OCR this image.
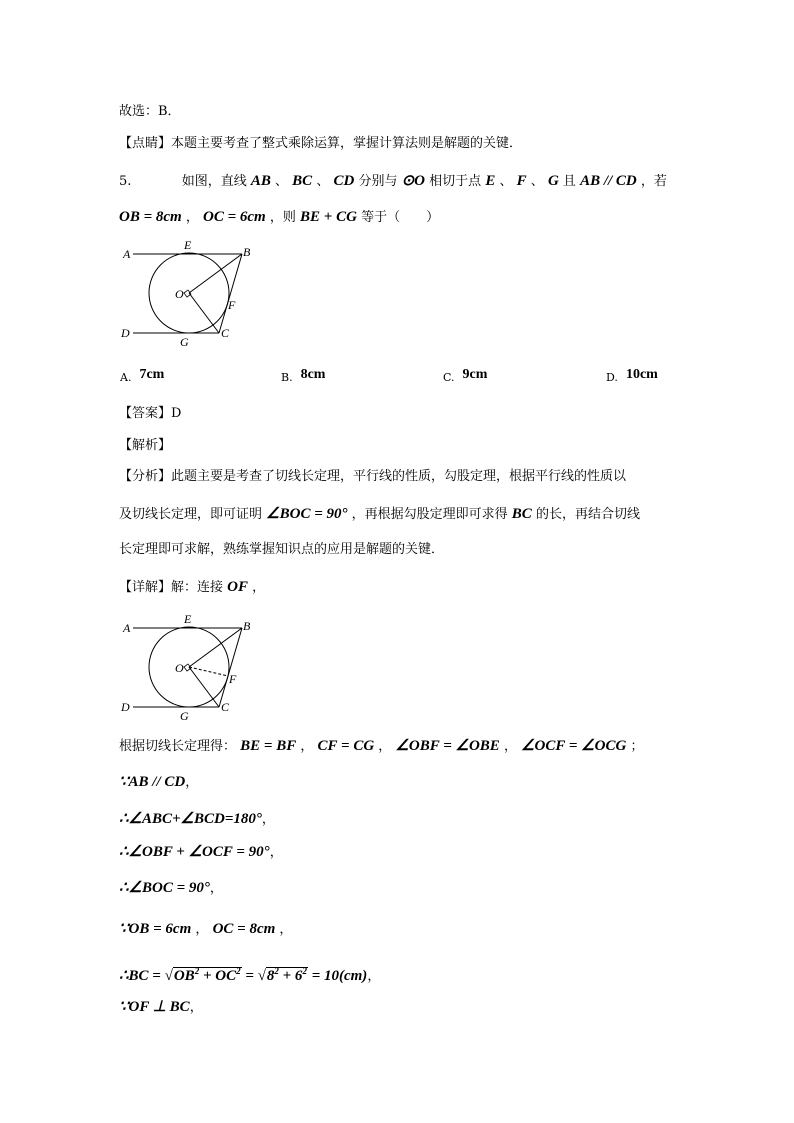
故选：B．
【点睛】本题主要考查了整式乘除运算，掌握计算法则是解题的关键．
5.	如图，直线 AB 、 BC 、 CD 分别与 ⊙O 相切于点 E 、 F 、 G 且 AB // CD ，若
OB = 8cm ， OC = 6cm ，则 BE + CG 等于（　　）
A	B
C
D
E
F
G
O
A. 7cm	B. 8cm	C. 9cm	D. 10cm
【答案】D
【解析】
【分析】此题主要是考查了切线长定理，平行线的性质，勾股定理，根据平行线的性质以
及切线长定理，即可证明 ∠BOC = 90° ，再根据勾股定理即可求得 BC 的长，再结合切线
长定理即可求解，熟练掌握知识点的应用是解题的关键．
【详解】解：连接 OF ，
A	B
C
D
E
F
G
O
根据切线长定理得： BE = BF ， CF = CG ， ∠OBF = ∠OBE ， ∠OCF = ∠OCG ；
∵AB // CD，
∴∠ABC+∠BCD=180°，
∴∠OBF + ∠OCF = 90°，
∴∠BOC = 90°，
∵OB = 6cm ， OC = 8cm ，
∴BC = $√OB^2 + OC^2 = √8^2 + 6^2 = 10(cm)$，
∵OF ⊥ BC，
